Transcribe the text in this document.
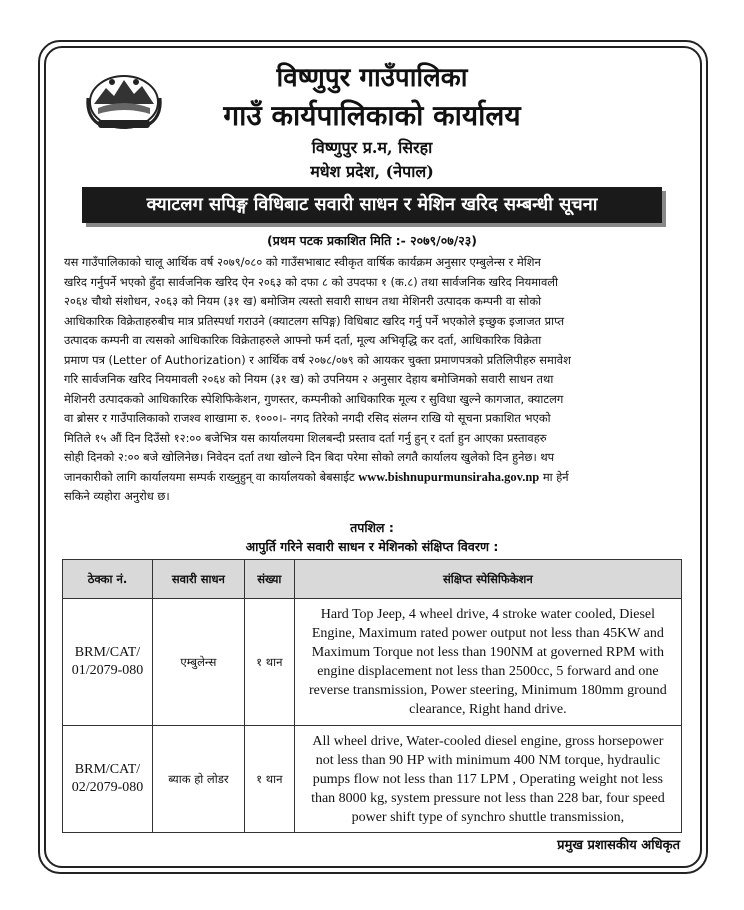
विष्णुपुर गाउँपालिका
गाउँ कार्यपालिकाको कार्यालय
विष्णुपुर प्र.म, सिरहा
मधेश प्रदेश, (नेपाल)
क्याटलग सपिङ्ग विधिबाट सवारी साधन र मेशिन खरिद सम्बन्धी सूचना
(प्रथम पटक प्रकाशित मिति :- २०७९/०७/२३)
यस गाउँपालिकाको चालू आर्थिक वर्ष २०७९/०८० को गाउँसभाबाट स्वीकृत वार्षिक कार्यक्रम अनुसार एम्बुलेन्स र मेशिन
खरिद गर्नुपर्ने भएको हुँदा सार्वजनिक खरिद ऐन २०६३ को दफा ८ को उपदफा १ (क.८) तथा सार्वजनिक खरिद नियमावली
२०६४ चौथो संशोधन, २०६३ को नियम (३१ ख) बमोजिम त्यस्तो सवारी साधन तथा मेशिनरी उत्पादक कम्पनी वा सोको
आधिकारिक विक्रेताहरुबीच मात्र प्रतिस्पर्धा गराउने (क्याटलग सपिङ्ग) विधिबाट खरिद गर्नु पर्ने भएकोले इच्छुक इजाजत प्राप्त
उत्पादक कम्पनी वा त्यसको आधिकारिक विक्रेताहरुले आफ्नो फर्म दर्ता, मूल्य अभिवृद्धि कर दर्ता, आधिकारिक विक्रेता
प्रमाण पत्र (Letter of Authorization) र आर्थिक वर्ष २०७८/०७९ को आयकर चुक्ता प्रमाणपत्रको प्रतिलिपीहरु समावेश
गरि सार्वजनिक खरिद नियमावली २०६४ को नियम (३१ ख) को उपनियम २ अनुसार देहाय बमोजिमको सवारी साधन तथा
मेशिनरी उत्पादकको आधिकारिक स्पेशिफिकेशन, गुणस्तर, कम्पनीको आधिकारिक मूल्य र सुविधा खुल्ने कागजात, क्याटलग
वा ब्रोसर र गाउँपालिकाको राजश्व शाखामा रु. १०००।- नगद तिरेको नगदी रसिद संलग्न राखि यो सूचना प्रकाशित भएको
मितिले १५ औं दिन दिउँसो १२:०० बजेभित्र यस कार्यालयमा शिलबन्दी प्रस्ताव दर्ता गर्नु हुन् र दर्ता हुन आएका प्रस्तावहरु
सोही दिनको २:०० बजे खोलिनेछ। निवेदन दर्ता तथा खोल्ने दिन बिदा परेमा सोको लगतै कार्यालय खुलेको दिन हुनेछ। थप
जानकारीको लागि कार्यालयमा सम्पर्क राख्नुहुन् वा कार्यालयको बेबसाईट www.bishnupurmunsiraha.gov.np मा हेर्न
सकिने व्यहोरा अनुरोध छ।
तपशिल :
आपुर्ति गरिने सवारी साधन र मेशिनको संक्षिप्त विवरण :
ठेक्का नं.	सवारी साधन	संख्या	संक्षिप्त स्पेसिफिकेशन
BRM/CAT/ 01/2079-080	एम्बुलेन्स	१ थान	Hard Top Jeep, 4 wheel drive, 4 stroke water cooled, Diesel Engine, Maximum rated power output not less than 45KW and Maximum Torque not less than 190NM at governed RPM with engine displacement not less than 2500cc, 5 forward and one reverse transmission, Power steering, Minimum 180mm ground clearance, Right hand drive.
BRM/CAT/ 02/2079-080	ब्याक हो लोडर	१ थान	All wheel drive, Water-cooled diesel engine, gross horsepower not less than 90 HP with minimum 400 NM torque, hydraulic pumps flow not less than 117 LPM , Operating weight not less than 8000 kg, system pressure not less than 228 bar, four speed power shift type of synchro shuttle transmission,
प्रमुख प्रशासकीय अधिकृत
